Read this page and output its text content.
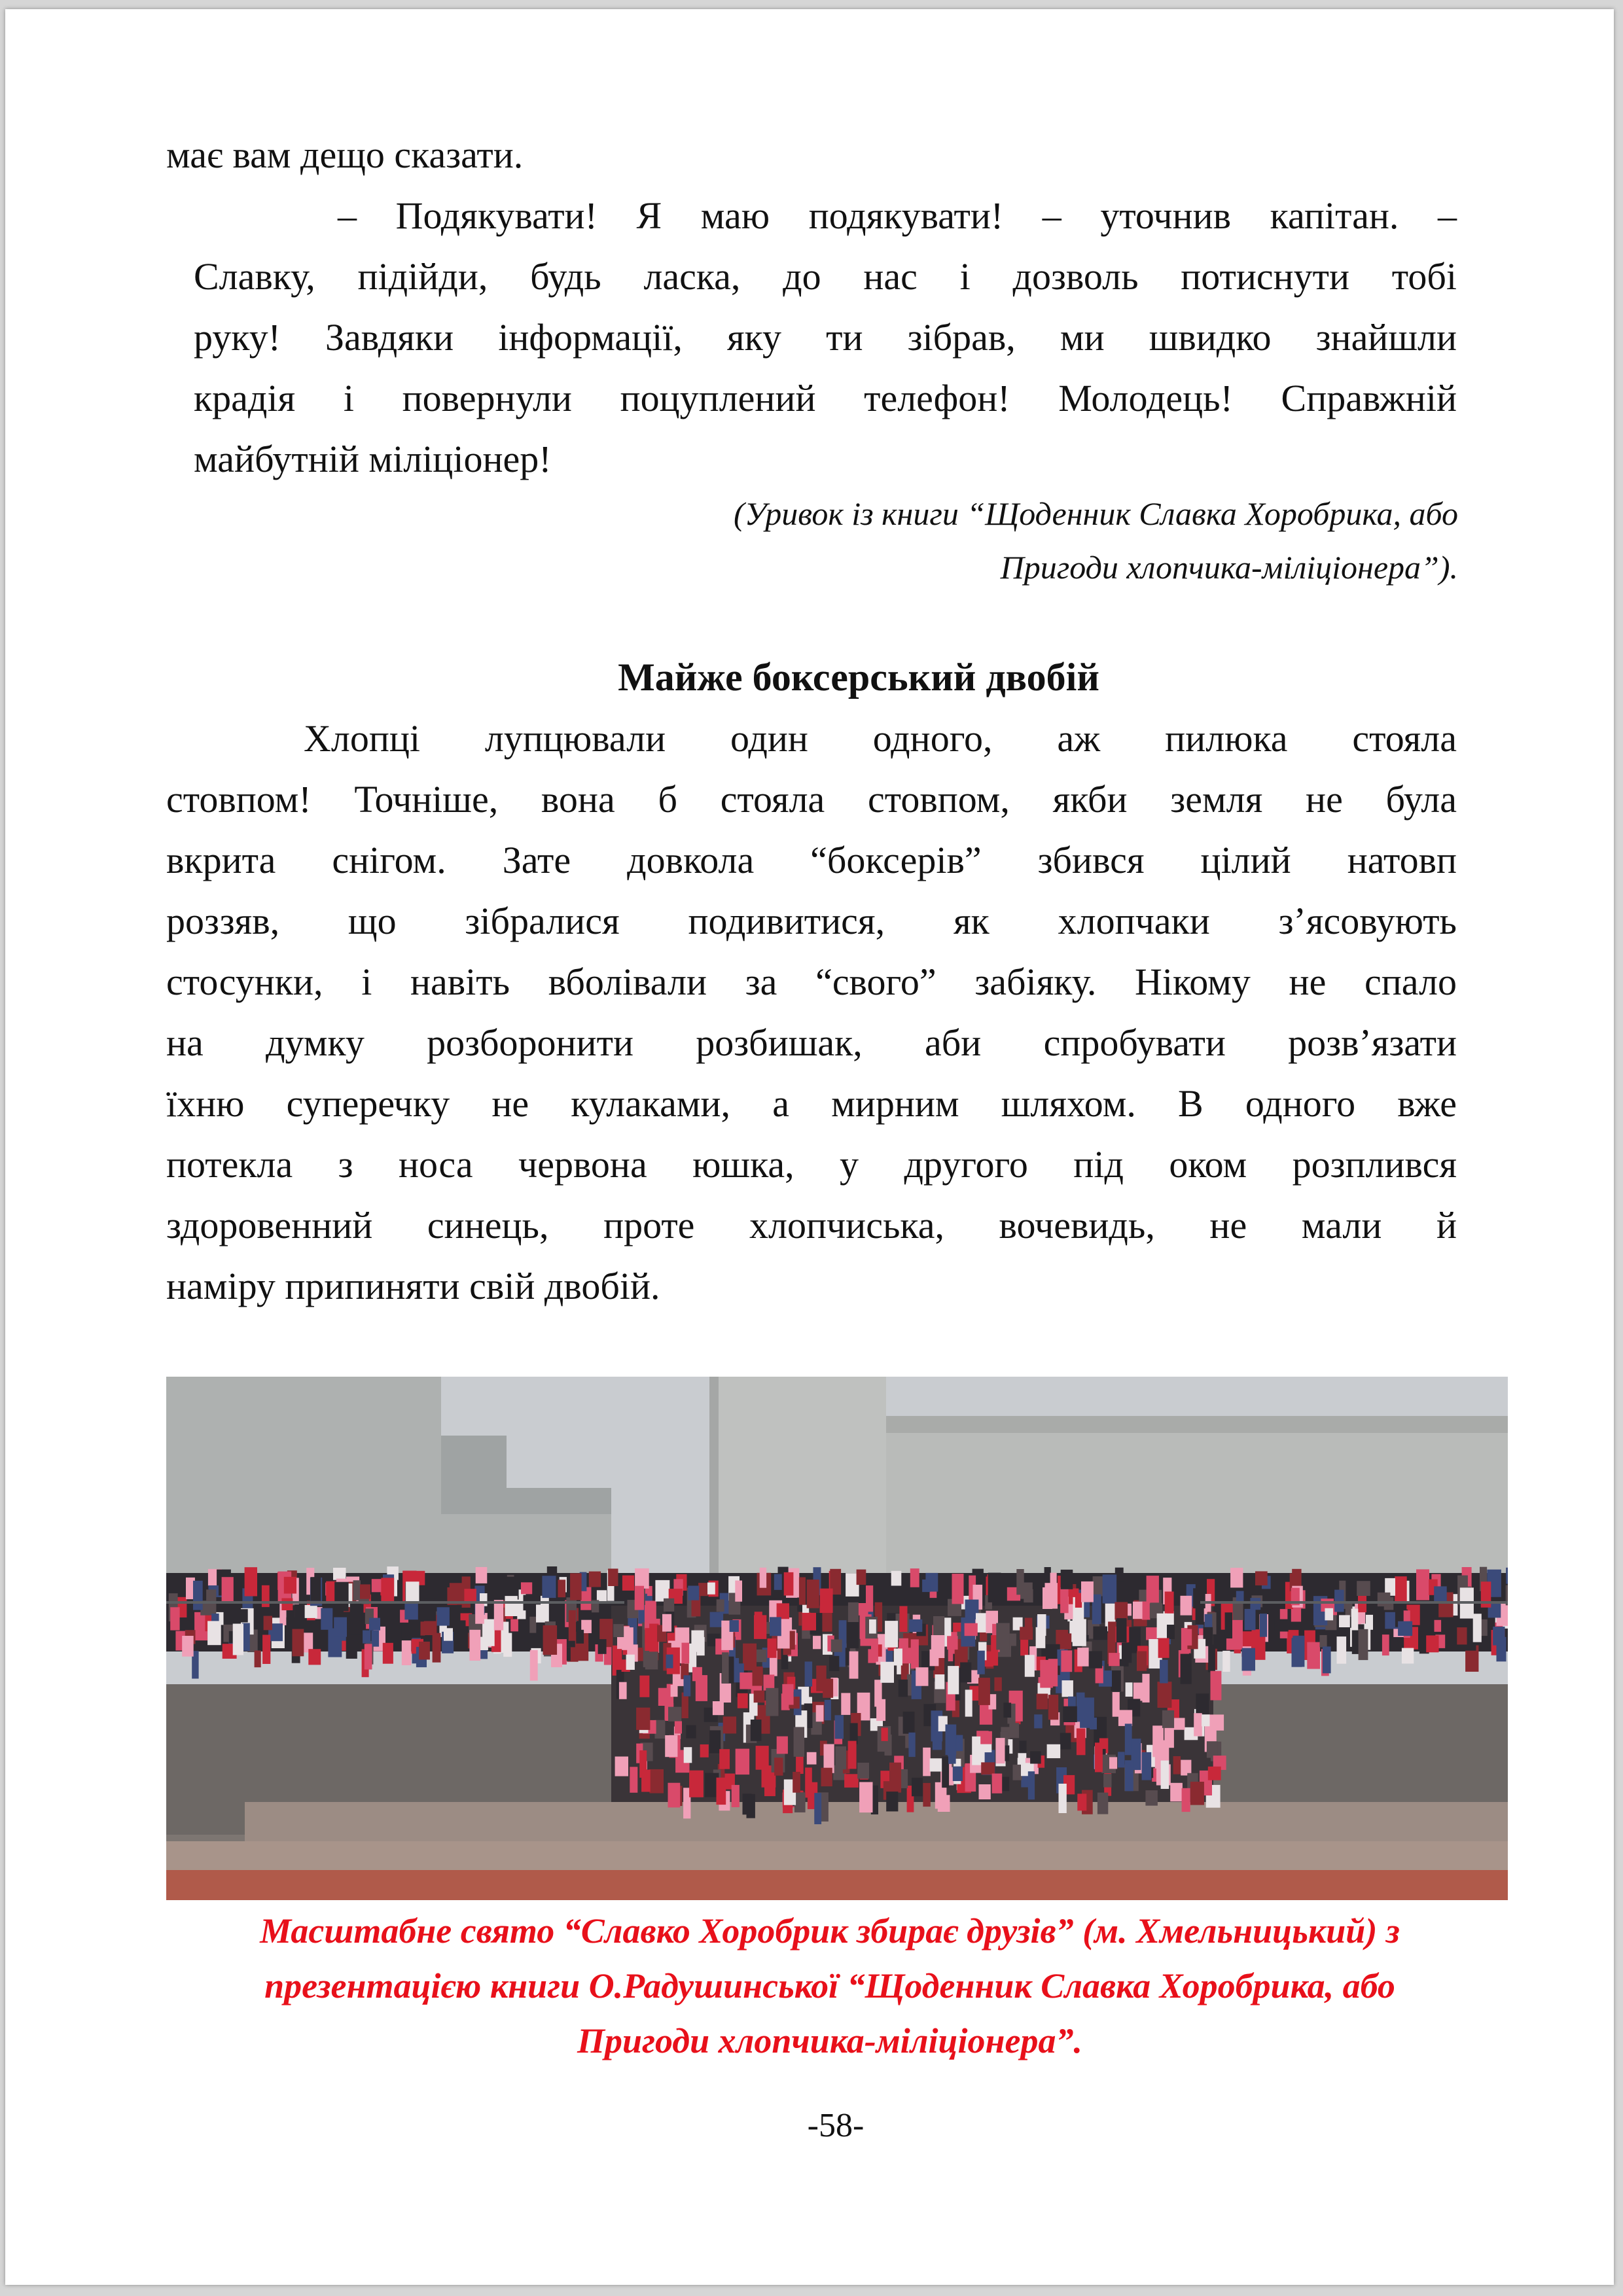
має вам дещо сказати.
– Подякувати! Я маю подякувати! – уточнив капітан. –
Славку, підійди, будь ласка, до нас і дозволь потиснути тобі
руку! Завдяки інформації, яку ти зібрав, ми швидко знайшли
крадія і повернули поцуплений телефон! Молодець! Справжній
майбутній міліціонер!
(Уривок із книги “Щоденник Славка Хоробрика, або
Пригоди хлопчика-міліціонера”).
Майже боксерський двобій
Хлопці лупцювали один одного, аж пилюка стояла
стовпом! Точніше, вона б стояла стовпом, якби земля не була
вкрита снігом. Зате довкола “боксерів” збився цілий натовп
роззяв, що зібралися подивитися, як хлопчаки з’ясовують
стосунки, і навіть вболівали за “свого” забіяку. Нікому не спало
на думку розборонити розбишак, аби спробувати розв’язати
їхню суперечку не кулаками, а мирним шляхом. В одного вже
потекла з носа червона юшка, у другого під оком розплився
здоровенний синець, проте хлопчиська, вочевидь, не мали й
наміру припиняти свій двобій.
Масштабне свято “Славко Хоробрик збирає друзів” (м. Хмельницький) з
презентацією книги О.Радушинської “Щоденник Славка Хоробрика, або
Пригоди хлопчика-міліціонера”.
-58-
